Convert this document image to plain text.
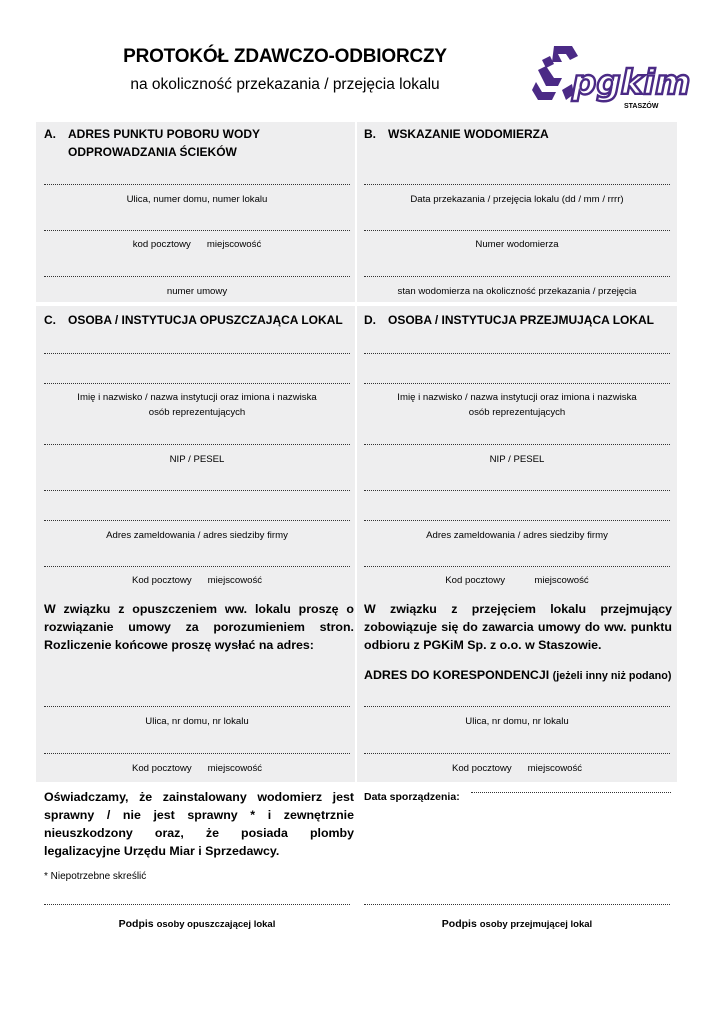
PROTOKÓŁ ZDAWCZO-ODBIORCZY
na okoliczność przekazania / przejęcia lokalu	pgkim
STASZÓW
A. ADRES PUNKTU POBORU WODY
ODPROWADZANIA ŚCIEKÓW
Ulica, numer domu, numer lokalu
kod pocztowy miejscowość
numer umowy
B. WSKAZANIE WODOMIERZA
Data przekazania / przejęcia lokalu (dd / mm / rrrr)
Numer wodomierza
stan wodomierza na okoliczność przekazania / przejęcia
C. OSOBA / INSTYTUCJA OPUSZCZAJĄCA LOKAL
Imię i nazwisko / nazwa instytucji oraz imiona i nazwiska
osób reprezentujących
NIP / PESEL
Adres zameldowania / adres siedziby firmy
Kod pocztowy miejscowość
W związku z opuszczeniem ww. lokalu proszę o rozwiązanie umowy za porozumieniem stron. Rozliczenie końcowe proszę wysłać na adres:
Ulica, nr domu, nr lokalu
Kod pocztowy miejscowość
D. OSOBA / INSTYTUCJA PRZEJMUJĄCA LOKAL
Imię i nazwisko / nazwa instytucji oraz imiona i nazwiska
osób reprezentujących
NIP / PESEL
Adres zameldowania / adres siedziby firmy
Kod pocztowy	miejscowość
W związku z przejęciem lokalu przejmujący zobowiązuje się do zawarcia umowy do ww. punktu odbioru z PGKiM Sp. z o.o. w Staszowie.
ADRES DO KORESPONDENCJI (jeżeli inny niż podano)
Ulica, nr domu, nr lokalu
Kod pocztowy miejscowość
Oświadczamy, że zainstalowany wodomierz jest sprawny / nie jest sprawny * i zewnętrznie nieuszkodzony oraz, że posiada plomby legalizacyjne Urzędu Miar i Sprzedawcy.
* Niepotrzebne skreślić
Data sporządzenia:
Podpis osoby opuszczającej lokal	Podpis osoby przejmującej lokal
